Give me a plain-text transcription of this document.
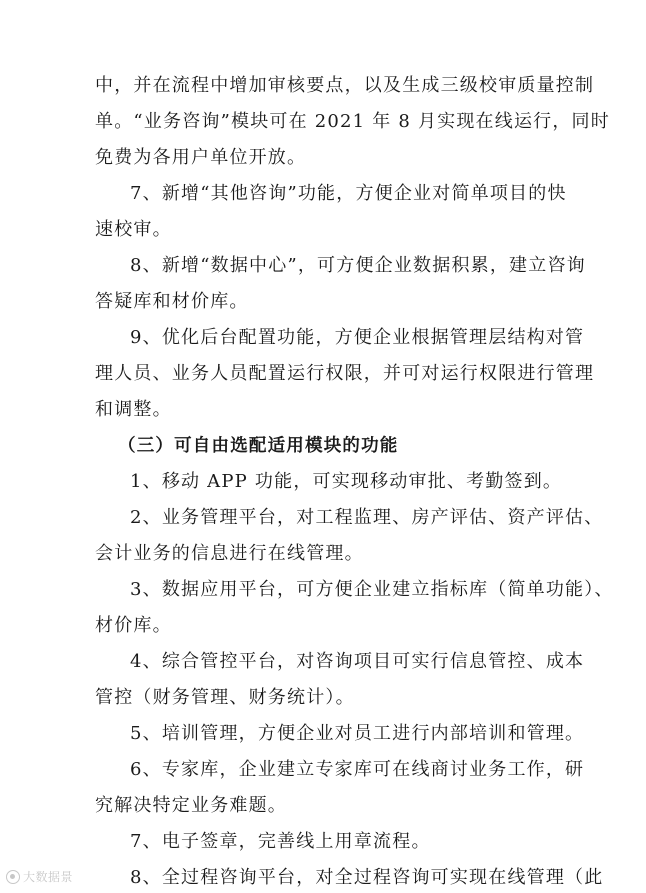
中，并在流程中增加审核要点，以及生成三级校审质量控制
单。“业务咨询”模块可在 2021 年 8 月实现在线运行，同时
免费为各用户单位开放。
7、新增“其他咨询”功能，方便企业对简单项目的快
速校审。
8、新增“数据中心”，可方便企业数据积累，建立咨询
答疑库和材价库。
9、优化后台配置功能，方便企业根据管理层结构对管
理人员、业务人员配置运行权限，并可对运行权限进行管理
和调整。
（三）可自由选配适用模块的功能
1、移动 APP 功能，可实现移动审批、考勤签到。
2、业务管理平台，对工程监理、房产评估、资产评估、
会计业务的信息进行在线管理。
3、数据应用平台，可方便企业建立指标库（简单功能）、
材价库。
4、综合管控平台，对咨询项目可实行信息管控、成本
管控（财务管理、财务统计）。
5、培训管理，方便企业对员工进行内部培训和管理。
6、专家库，企业建立专家库可在线商讨业务工作，研
究解决特定业务难题。
7、电子签章，完善线上用章流程。
8、全过程咨询平台，对全过程咨询可实现在线管理（此
大数据景
